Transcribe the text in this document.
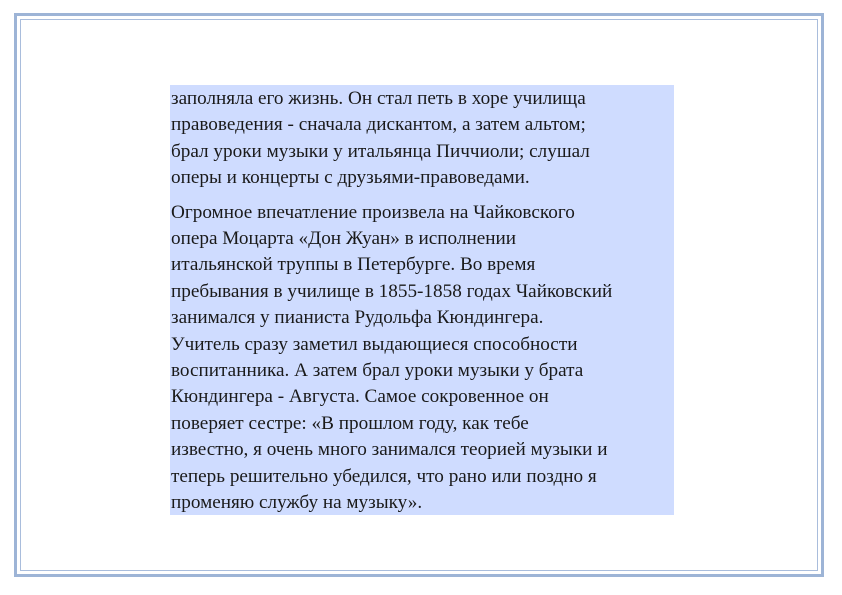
заполняла его жизнь. Он стал петь в хоре училища
правоведения - сначала дискантом, а затем альтом;
брал уроки музыки у итальянца Пиччиоли; слушал
оперы и концерты с друзьями-правоведами.

Огромное впечатление произвела на Чайковского
опера Моцарта «Дон Жуан» в исполнении
итальянской труппы в Петербурге. Во время
пребывания в училище в 1855-1858 годах Чайковский
занимался у пианиста Рудольфа Кюндингера.
Учитель сразу заметил выдающиеся способности
воспитанника. А затем брал уроки музыки у брата
Кюндингера - Августа. Самое сокровенное он
поверяет сестре: «В прошлом году, как тебе
известно, я очень много занимался теорией музыки и
теперь решительно убедился, что рано или поздно я
променяю службу на музыку».
